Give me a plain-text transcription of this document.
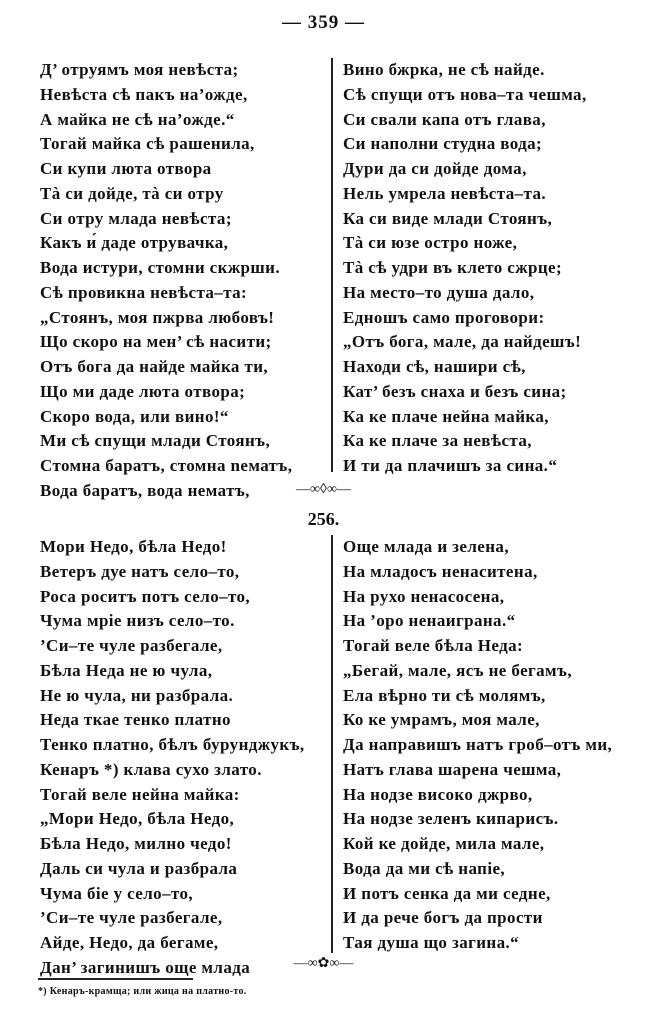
— 359 —
Д’ отруямъ моя невѣста;
Невѣста сѣ пакъ на’ожде,
А майка не сѣ на’ожде.“
Тогай майка сѣ рашенила,
Си купи люта отвора
Тà си дойде, тà си отру
Си отру млада невѣста;
Какъ и́ даде отрувачка,
Вода истури, стомни скжрши.
Сѣ провикна невѣста–та:
„Стоянъ, моя пжрва любовъ!
Що скоро на мен’ сѣ насити;
Отъ бога да найде майка ти,
Що ми даде люта отвора;
Скоро вода, или вино!“
Ми сѣ спущи млади Стоянъ,
Стомна баратъ, стомна neматъ,
Вода баратъ, вода нематъ,
Вино бжрка, не сѣ найде.
Сѣ спущи отъ нова–та чешма,
Си свали капа отъ глава,
Си наполни студна вода;
Дури да си дойде дома,
Нель умрела невѣста–та.
Ка си виде млади Стоянъ,
Тà си юзе остро ноже,
Тà сѣ удри въ клето сжрце;
На место–то душа дало,
Едношъ само проговори:
„Отъ бога, мале, да найдешъ!
Находи сѣ, нашири сѣ,
Кат’ безъ снаха и безъ сина;
Ка ке плаче нейна майка,
Ка ке плаче за невѣста,
И ти да плачишъ за сина.“
—∞◊∞—
256.
Мори Недо, бѣла Недо!
Ветеръ дуе натъ село–то,
Роса роситъ потъ село–то,
Чума мріе низъ село–то.
’Си–те чуле разбегале,
Бѣла Неда не ю чула,
Не ю чула, ни разбрала.
Неда ткае тенко платно
Тенко платно, бѣлъ бурунджукъ,
Кенаръ *) клава сухо злато.
Тогай веле нейна майка:
„Мори Недо, бѣла Недо,
Бѣла Недо, милно чедо!
Даль си чула и разбрала
Чума біе у село–то,
’Си–те чуле разбегале,
Айде, Недо, да бегаме,
Дан’ загинишъ още млада
Още млада и зелена,
На младосъ ненаситена,
На рухо ненасосена,
На ’оро ненаиграна.“
Тогай веле бѣла Неда:
„Бегай, мале, ясъ не бегамъ,
Ела вѣрно ти сѣ молямъ,
Ко ке умрамъ, моя мале,
Да направишъ натъ гроб–отъ ми,
Натъ глава шарена чешма,
На нодзе високо джрво,
На нодзе зеленъ кипарисъ.
Кой ке дойде, мила мале,
Вода да ми сѣ напіе,
И потъ сенка да ми седне,
И да рече богъ да прости
Тая душа що загина.“
—∞✿∞—
*) Кенаръ-крамща; или жица на платно-то.
